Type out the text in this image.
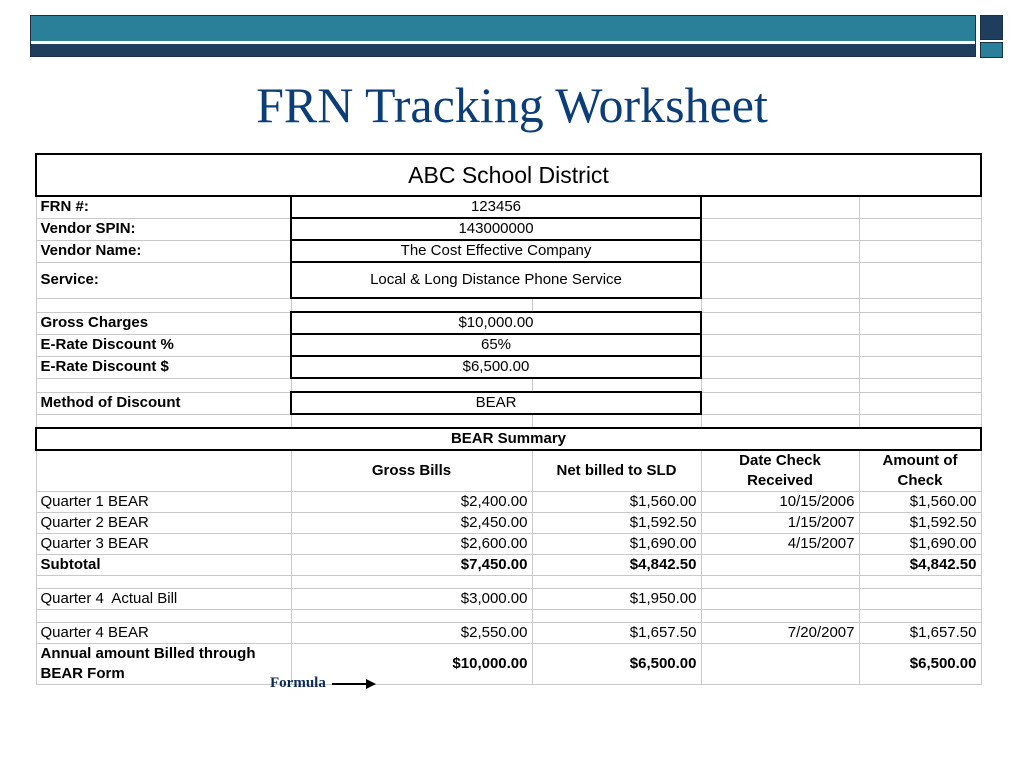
FRN Tracking Worksheet
ABC School District				
FRN #:	123456			
Vendor SPIN:	143000000			
Vendor Name:	The Cost Effective Company			
Service:	Local & Long Distance Phone Service			

Gross Charges	$10,000.00			
E-Rate Discount %	65%			
E-Rate Discount $	$6,500.00			

Method of Discount	BEAR			

BEAR Summary				
	Gross Bills	Net billed to SLD	Date Check Received	Amount of Check
Quarter 1 BEAR	$2,400.00	$1,560.00	10/15/2006	$1,560.00
Quarter 2 BEAR	$2,450.00	$1,592.50	1/15/2007	$1,592.50
Quarter 3 BEAR	$2,600.00	$1,690.00	4/15/2007	$1,690.00
Subtotal	$7,450.00	$4,842.50		$4,842.50

Quarter 4  Actual Bill	$3,000.00	$1,950.00		

Quarter 4 BEAR	$2,550.00	$1,657.50	7/20/2007	$1,657.50
Annual amount Billed through BEAR Form	$10,000.00	$6,500.00		$6,500.00
Formula
